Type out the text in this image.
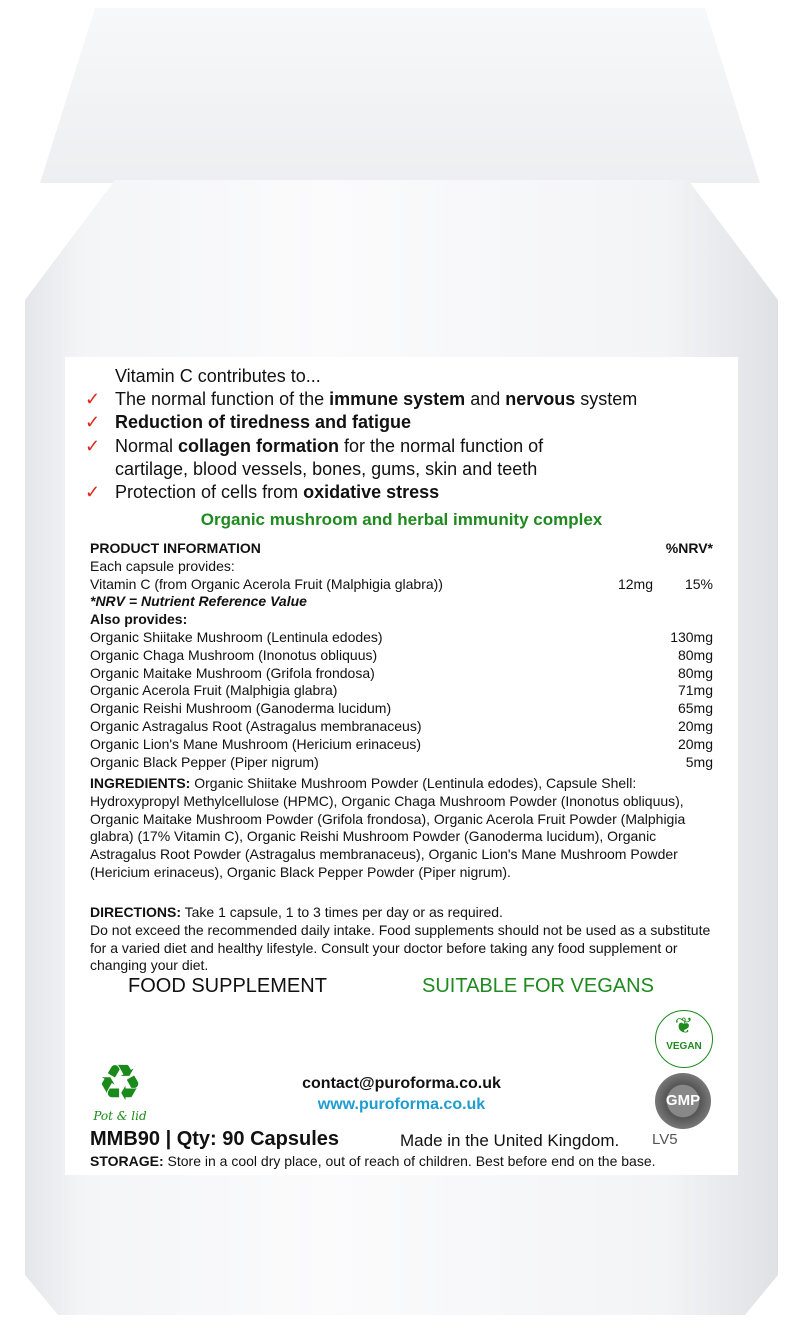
Vitamin C contributes to...
✓ The normal function of the immune system and nervous system
✓ Reduction of tiredness and fatigue
✓ Normal collagen formation for the normal function of
cartilage, blood vessels, bones, gums, skin and teeth
✓ Protection of cells from oxidative stress
Organic mushroom and herbal immunity complex
PRODUCT INFORMATION	%NRV*
Each capsule provides:
Vitamin C (from Organic Acerola Fruit (Malphigia glabra))	12mg	15%
*NRV = Nutrient Reference Value
Also provides:
Organic Shiitake Mushroom (Lentinula edodes)	130mg
Organic Chaga Mushroom (Inonotus obliquus)	80mg
Organic Maitake Mushroom (Grifola frondosa)	80mg
Organic Acerola Fruit (Malphigia glabra)	71mg
Organic Reishi Mushroom (Ganoderma lucidum)	65mg
Organic Astragalus Root (Astragalus membranaceus)	20mg
Organic Lion's Mane Mushroom (Hericium erinaceus)	20mg
Organic Black Pepper (Piper nigrum)	5mg
INGREDIENTS: Organic Shiitake Mushroom Powder (Lentinula edodes), Capsule Shell: Hydroxypropyl Methylcellulose (HPMC), Organic Chaga Mushroom Powder (Inonotus obliquus), Organic Maitake Mushroom Powder (Grifola frondosa), Organic Acerola Fruit Powder (Malphigia glabra) (17% Vitamin C), Organic Reishi Mushroom Powder (Ganoderma lucidum), Organic Astragalus Root Powder (Astragalus membranaceus), Organic Lion's Mane Mushroom Powder (Hericium erinaceus), Organic Black Pepper Powder (Piper nigrum).
DIRECTIONS: Take 1 capsule, 1 to 3 times per day or as required.
Do not exceed the recommended daily intake. Food supplements should not be used as a substitute for a varied diet and healthy lifestyle. Consult your doctor before taking any food supplement or changing your diet.
FOOD SUPPLEMENT	SUITABLE FOR VEGANS
♻
Pot & lid
contact@puroforma.co.uk
www.puroforma.co.uk
❦
VEGAN
GMP
MMB90 | Qty: 90 Capsules	Made in the United Kingdom. LV5
STORAGE: Store in a cool dry place, out of reach of children. Best before end on the base.
